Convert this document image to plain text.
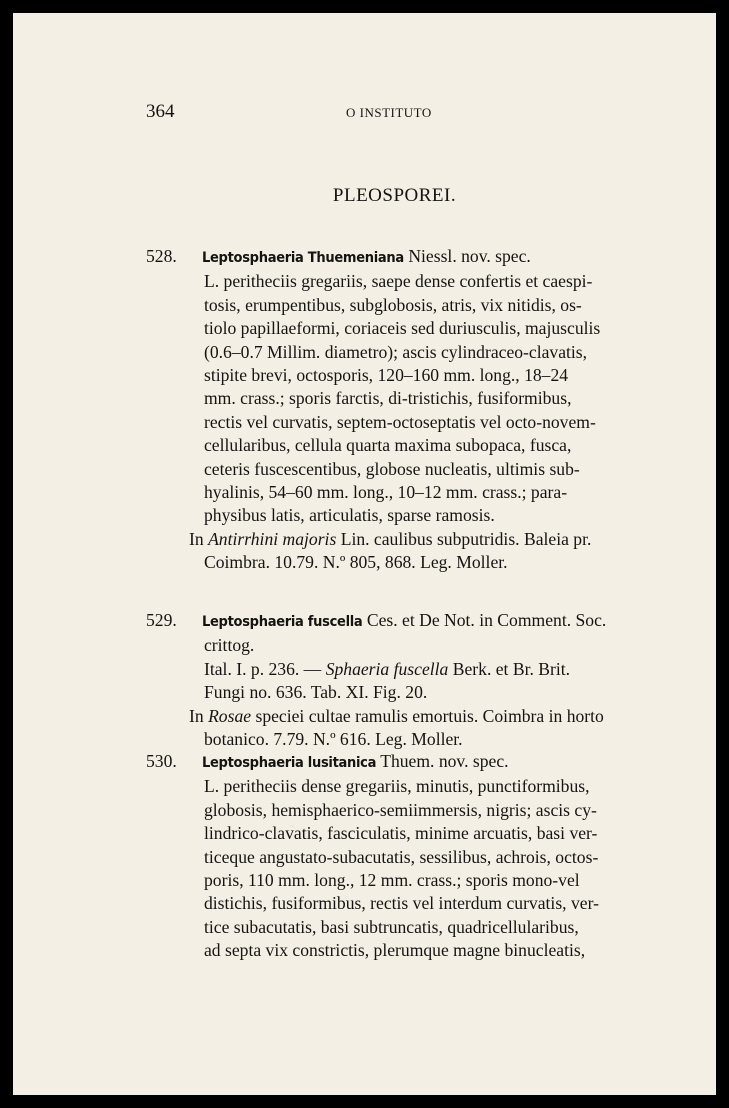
364	O INSTITUTO
PLEOSPOREI.

528. Leptosphaeria Thuemeniana Niessl. nov. spec.

L. peritheciis gregariis, saepe dense confertis et caespi-

tosis, erumpentibus, subglobosis, atris, vix nitidis, os-

tiolo papillaeformi, coriaceis sed duriusculis, majusculis

(0.6–0.7 Millim. diametro); ascis cylindraceo-clavatis,

stipite brevi, octosporis, 120–160 mm. long., 18–24

mm. crass.; sporis farctis, di-tristichis, fusiformibus,

rectis vel curvatis, septem-octoseptatis vel octo-novem-

cellularibus, cellula quarta maxima subopaca, fusca,

ceteris fuscescentibus, globose nucleatis, ultimis sub-

hyalinis, 54–60 mm. long., 10–12 mm. crass.; para-

physibus latis, articulatis, sparse ramosis.

In Antirrhini majoris Lin. caulibus subputridis. Baleia pr.

Coimbra. 10.79. N.º 805, 868. Leg. Moller.

529. Leptosphaeria fuscella Ces. et De Not. in Comment. Soc. crittog.

Ital. I. p. 236. — Sphaeria fuscella Berk. et Br. Brit.

Fungi no. 636. Tab. XI. Fig. 20.

In Rosae speciei cultae ramulis emortuis. Coimbra in horto

botanico. 7.79. N.º 616. Leg. Moller.

530. Leptosphaeria lusitanica Thuem. nov. spec.

L. peritheciis dense gregariis, minutis, punctiformibus,

globosis, hemisphaerico-semiimmersis, nigris; ascis cy-

lindrico-clavatis, fasciculatis, minime arcuatis, basi ver-

ticeque angustato-subacutatis, sessilibus, achrois, octos-

poris, 110 mm. long., 12 mm. crass.; sporis mono-vel

distichis, fusiformibus, rectis vel interdum curvatis, ver-

tice subacutatis, basi subtruncatis, quadricellularibus,

ad septa vix constrictis, plerumque magne binucleatis,
